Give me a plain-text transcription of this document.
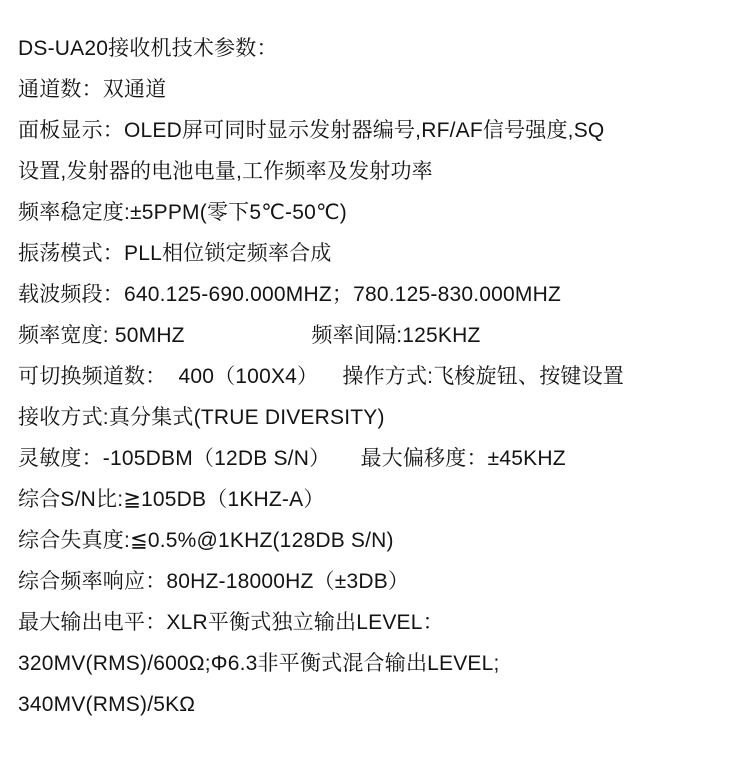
DS-UA20接收机技术参数：
通道数：双通道
面板显示：OLED屏可同时显示发射器编号,RF/AF信号强度,SQ
设置,发射器的电池电量,工作频率及发射功率
频率稳定度:±5PPM(零下5℃-50℃)
振荡模式：PLL相位锁定频率合成
载波频段：640.125-690.000MHZ；780.125-830.000MHZ
频率宽度: 50MHZ                     频率间隔:125KHZ
可切换频道数：  400（100X4）    操作方式:飞梭旋钮、按键设置
接收方式:真分集式(TRUE DIVERSITY)
灵敏度：-105DBM（12DB S/N）     最大偏移度：±45KHZ
综合S/N比:≧105DB（1KHZ-A）
综合失真度:≦0.5%@1KHZ(128DB S/N)
综合频率响应：80HZ-18000HZ（±3DB）
最大输出电平：XLR平衡式独立输出LEVEL：
320MV(RMS)/600Ω;Φ6.3非平衡式混合输出LEVEL;
340MV(RMS)/5KΩ
